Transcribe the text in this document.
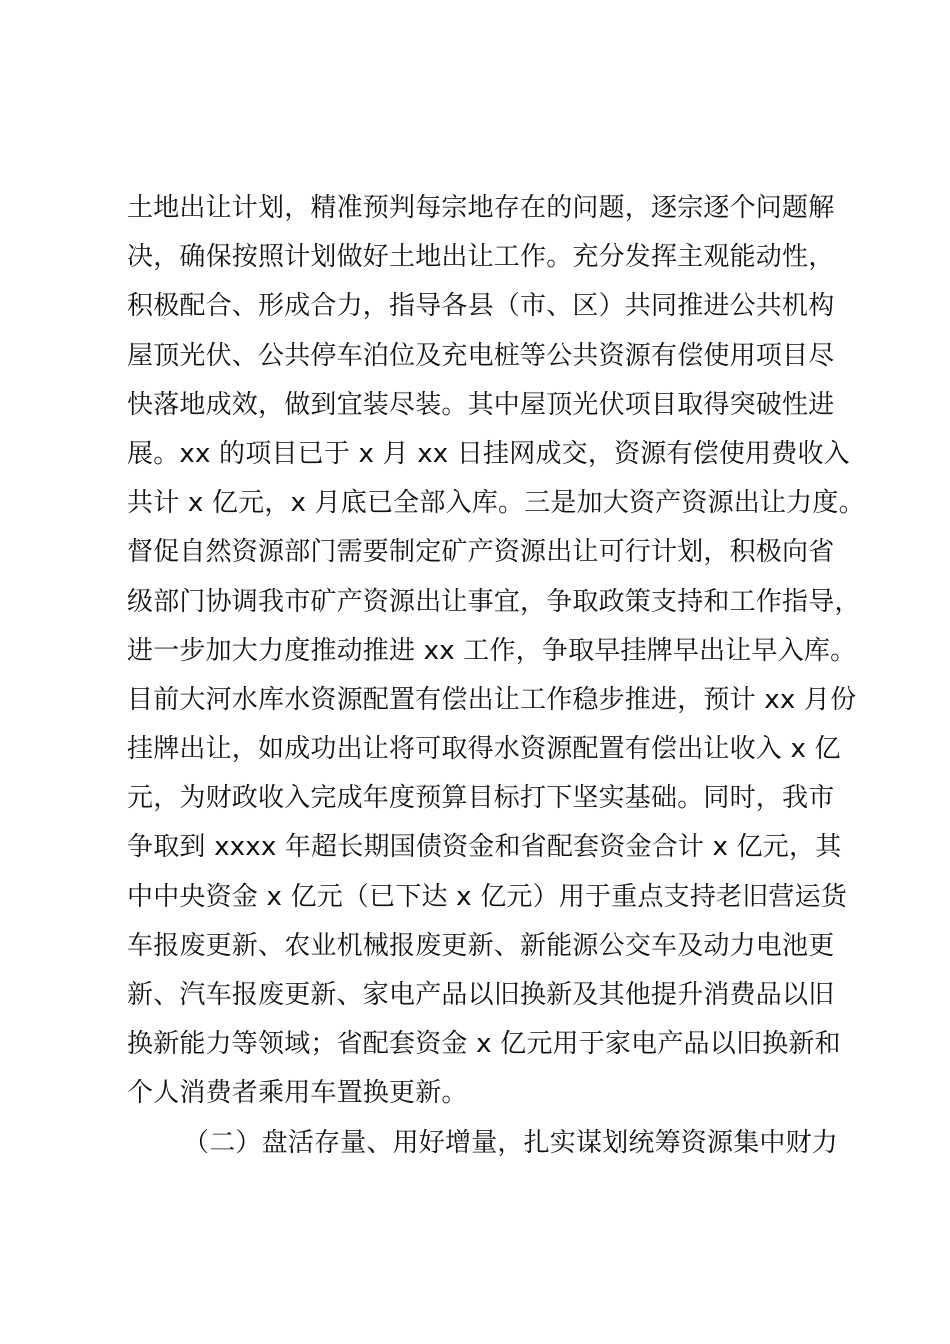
土地出让计划，精准预判每宗地存在的问题，逐宗逐个问题解
决，确保按照计划做好土地出让工作。充分发挥主观能动性，
积极配合、形成合力，指导各县（市、区）共同推进公共机构
屋顶光伏、公共停车泊位及充电桩等公共资源有偿使用项目尽
快落地成效，做到宜装尽装。其中屋顶光伏项目取得突破性进
展。xx 的项目已于 x 月 xx 日挂网成交，资源有偿使用费收入
共计 x 亿元，x 月底已全部入库。三是加大资产资源出让力度。
督促自然资源部门需要制定矿产资源出让可行计划，积极向省
级部门协调我市矿产资源出让事宜，争取政策支持和工作指导，
进一步加大力度推动推进 xx 工作，争取早挂牌早出让早入库。
目前大河水库水资源配置有偿出让工作稳步推进，预计 xx 月份
挂牌出让，如成功出让将可取得水资源配置有偿出让收入 x 亿
元，为财政收入完成年度预算目标打下坚实基础。同时，我市
争取到 xxxx 年超长期国债资金和省配套资金合计 x 亿元，其
中中央资金 x 亿元（已下达 x 亿元）用于重点支持老旧营运货
车报废更新、农业机械报废更新、新能源公交车及动力电池更
新、汽车报废更新、家电产品以旧换新及其他提升消费品以旧
换新能力等领域；省配套资金 x 亿元用于家电产品以旧换新和
个人消费者乘用车置换更新。
（二）盘活存量、用好增量，扎实谋划统筹资源集中财力
